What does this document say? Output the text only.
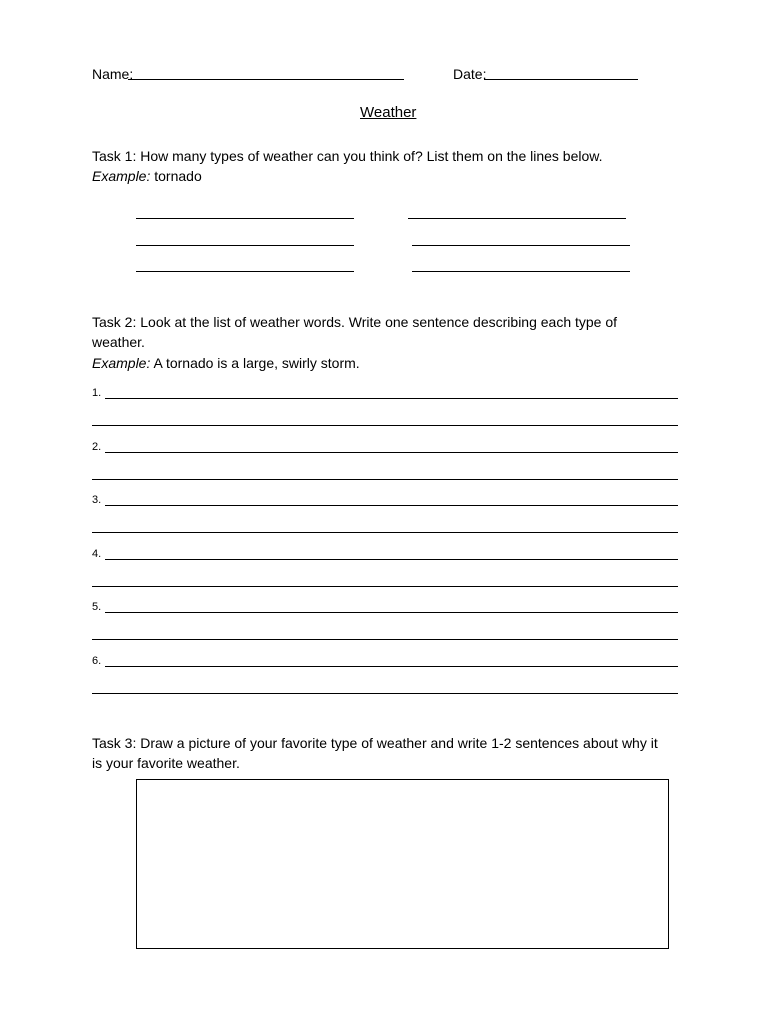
Name:	Date:
Weather
Task 1: How many types of weather can you think of? List them on the lines below.
Example: tornado
Task 2: Look at the list of weather words. Write one sentence describing each type of
weather.
Example: A tornado is a large, swirly storm.
1.
2.
3.
4.
5.
6.
Task 3: Draw a picture of your favorite type of weather and write 1-2 sentences about why it
is your favorite weather.
